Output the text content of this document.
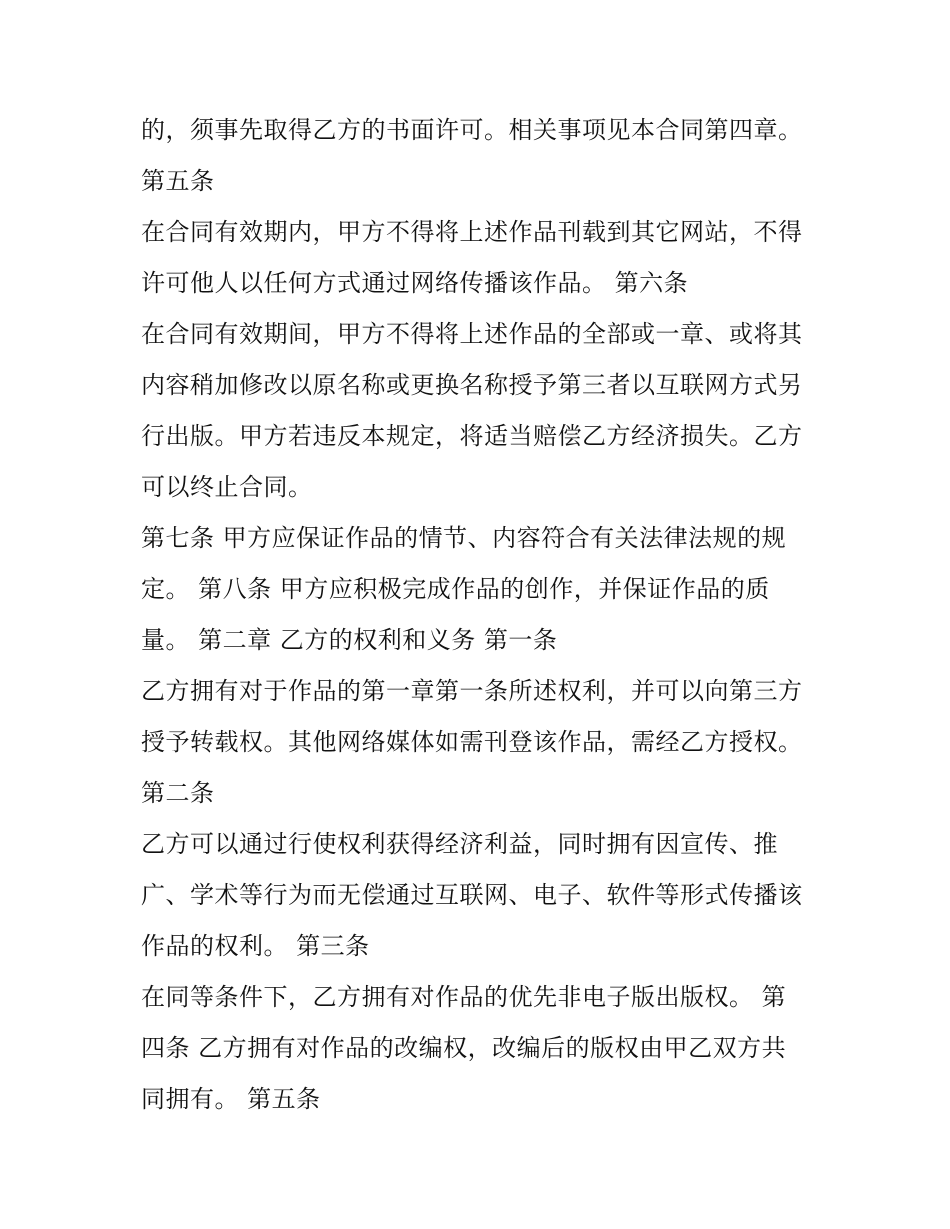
的，须事先取得乙方的书面许可。相关事项见本合同第四章。
第五条
在合同有效期内，甲方不得将上述作品刊载到其它网站，不得
许可他人以任何方式通过网络传播该作品。 第六条
在合同有效期间，甲方不得将上述作品的全部或一章、或将其
内容稍加修改以原名称或更换名称授予第三者以互联网方式另
行出版。甲方若违反本规定，将适当赔偿乙方经济损失。乙方
可以终止合同。
第七条 甲方应保证作品的情节、内容符合有关法律法规的规
定。 第八条 甲方应积极完成作品的创作，并保证作品的质
量。 第二章 乙方的权利和义务 第一条
乙方拥有对于作品的第一章第一条所述权利，并可以向第三方
授予转载权。其他网络媒体如需刊登该作品，需经乙方授权。
第二条
乙方可以通过行使权利获得经济利益，同时拥有因宣传、推
广、学术等行为而无偿通过互联网、电子、软件等形式传播该
作品的权利。 第三条
在同等条件下，乙方拥有对作品的优先非电子版出版权。 第
四条 乙方拥有对作品的改编权，改编后的版权由甲乙双方共
同拥有。 第五条
